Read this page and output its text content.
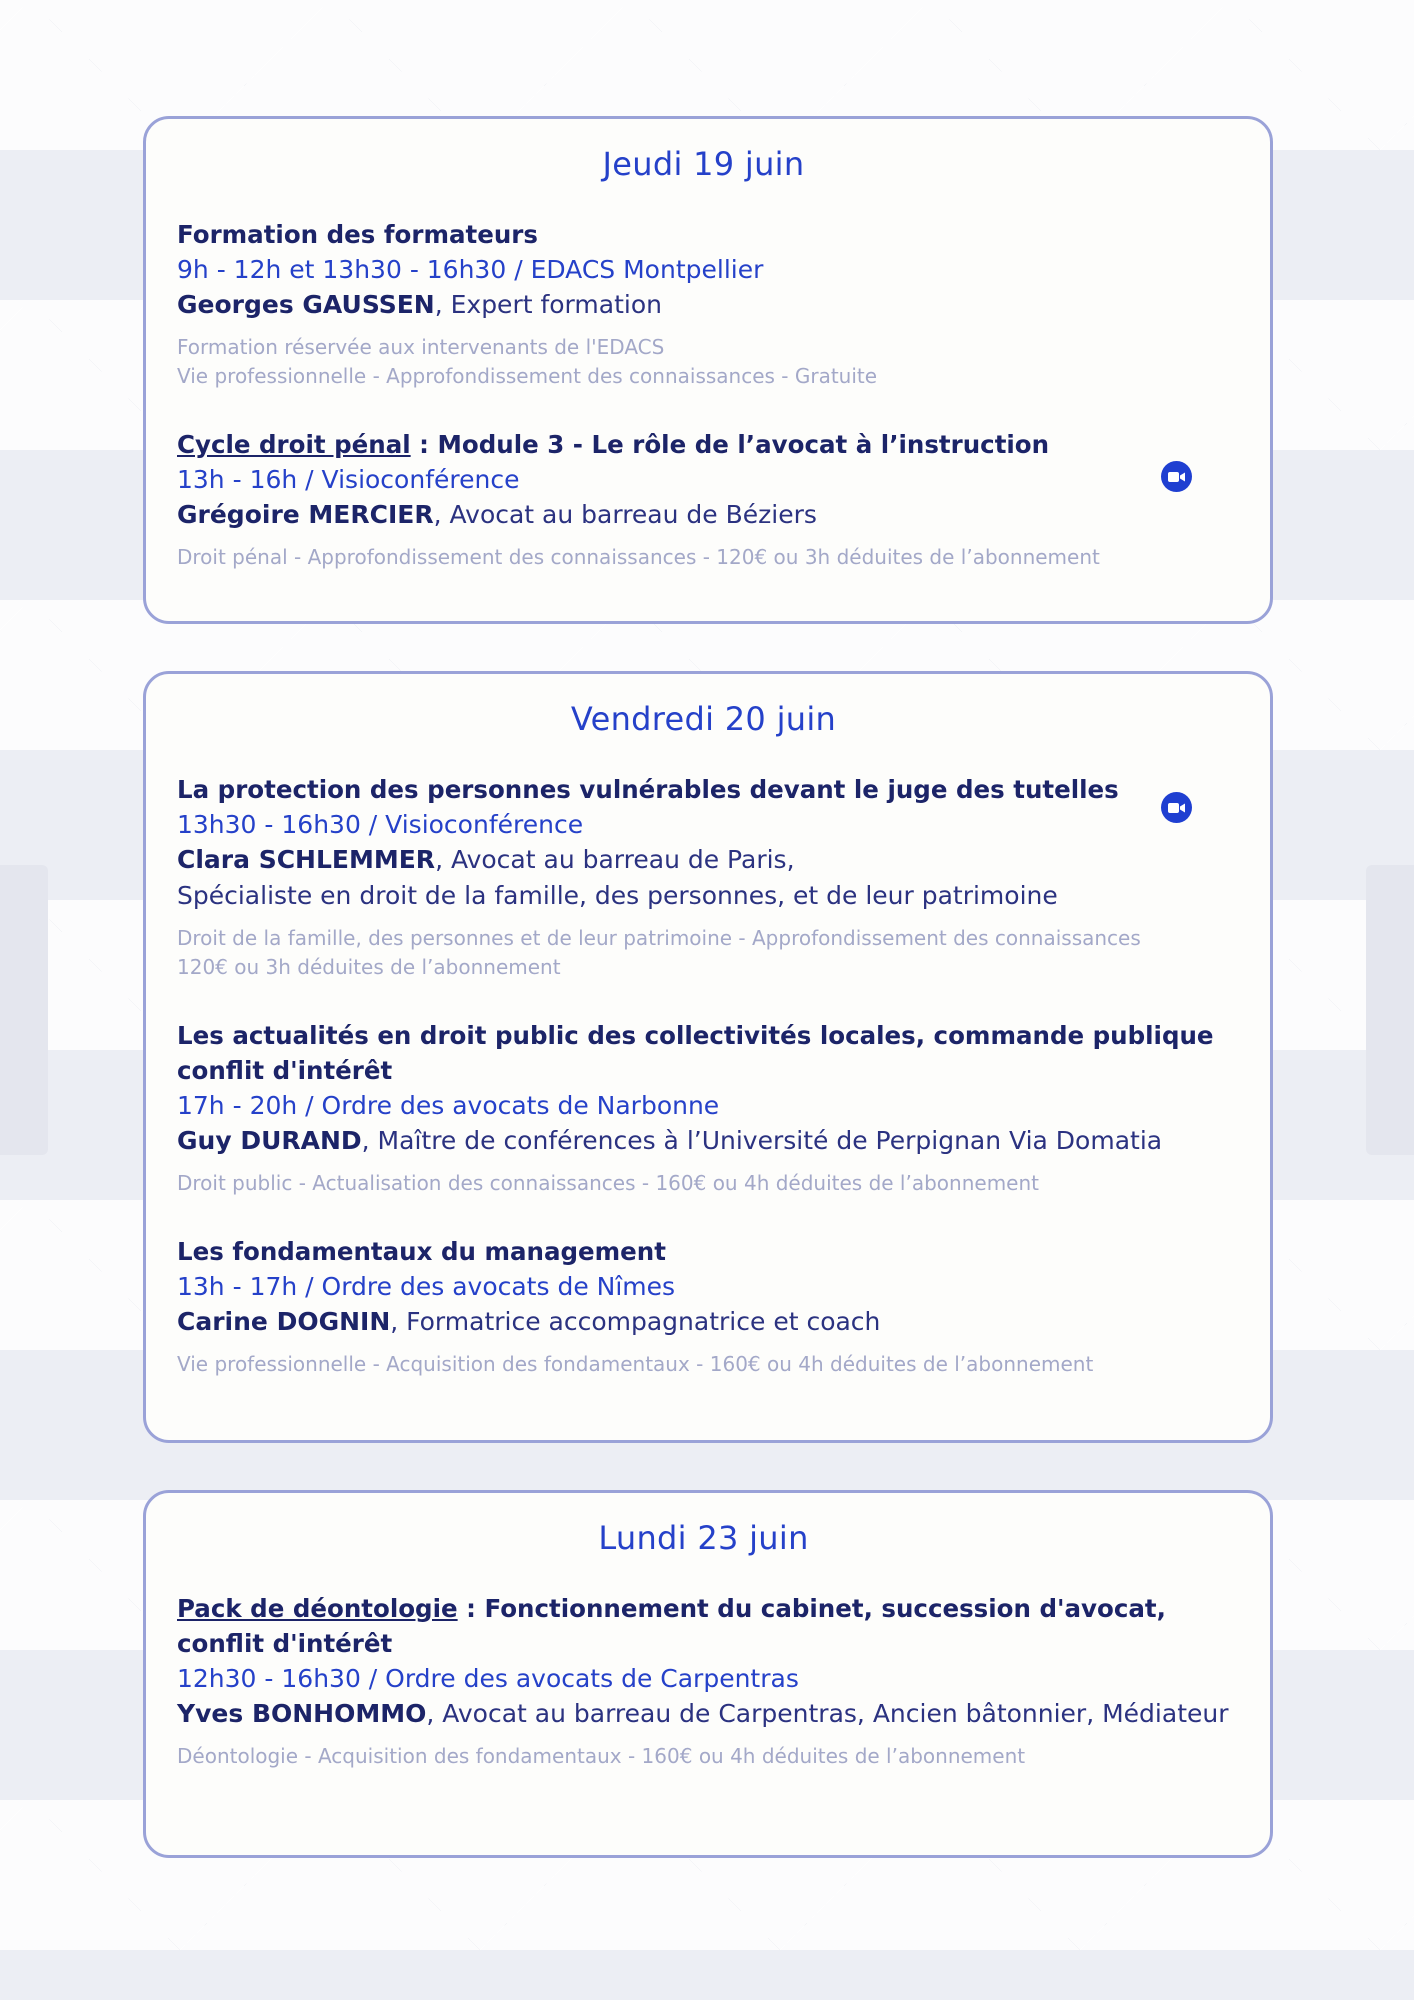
Jeudi 19 juin
Formation des formateurs
9h - 12h et 13h30 - 16h30 / EDACS Montpellier
Georges GAUSSEN, Expert formation
Formation réservée aux intervenants de l'EDACS
Vie professionnelle - Approfondissement des connaissances - Gratuite
Cycle droit pénal : Module 3 - Le rôle de l’avocat à l’instruction
13h - 16h / Visioconférence
Grégoire MERCIER, Avocat au barreau de Béziers
Droit pénal - Approfondissement des connaissances - 120€ ou 3h déduites de l’abonnement
Vendredi 20 juin
La protection des personnes vulnérables devant le juge des tutelles
13h30 - 16h30 / Visioconférence
Clara SCHLEMMER, Avocat au barreau de Paris,
Spécialiste en droit de la famille, des personnes, et de leur patrimoine
Droit de la famille, des personnes et de leur patrimoine - Approfondissement des connaissances
120€ ou 3h déduites de l’abonnement
Les actualités en droit public des collectivités locales, commande publique conflit d'intérêt
17h - 20h / Ordre des avocats de Narbonne
Guy DURAND, Maître de conférences à l’Université de Perpignan Via Domatia
Droit public - Actualisation des connaissances - 160€ ou 4h déduites de l’abonnement
Les fondamentaux du management
13h - 17h / Ordre des avocats de Nîmes
Carine DOGNIN, Formatrice accompagnatrice et coach
Vie professionnelle - Acquisition des fondamentaux - 160€ ou 4h déduites de l’abonnement
Lundi 23 juin
Pack de déontologie : Fonctionnement du cabinet, succession d'avocat, conflit d'intérêt
12h30 - 16h30 / Ordre des avocats de Carpentras
Yves BONHOMMO, Avocat au barreau de Carpentras, Ancien bâtonnier, Médiateur
Déontologie - Acquisition des fondamentaux - 160€ ou 4h déduites de l’abonnement
